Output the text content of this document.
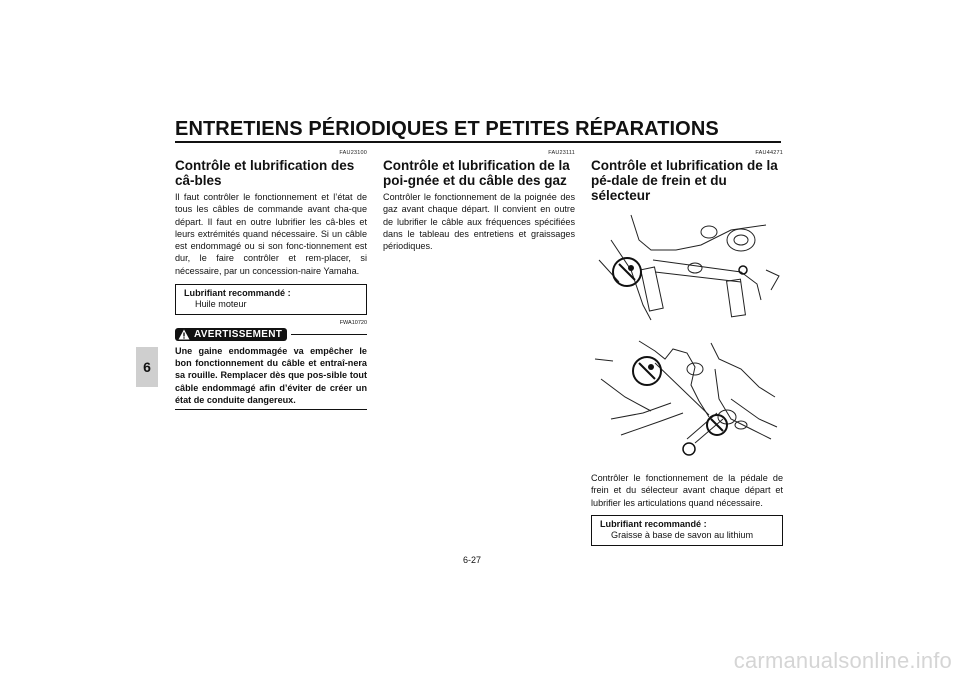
ENTRETIENS PÉRIODIQUES ET PETITES RÉPARATIONS
6
FAU23100
Contrôle et lubrification des câ-bles

Il faut contrôler le fonctionnement et l’état de tous les câbles de commande avant cha-que départ. Il faut en outre lubrifier les câ-bles et leurs extrémités quand nécessaire. Si un câble est endommagé ou si son fonc-tionnement est dur, le faire contrôler et rem-placer, si nécessaire, par un concession-naire Yamaha.

Lubrifiant recommandé :
Huile moteur
FWA10720
AVERTISSEMENT

Une gaine endommagée va empêcher le bon fonctionnement du câble et entraî-nera sa rouille. Remplacer dès que pos-sible tout câble endommagé afin d’éviter de créer un état de conduite dangereux.

FAU23111
Contrôle et lubrification de la poi-gnée et du câble des gaz

Contrôler le fonctionnement de la poignée des gaz avant chaque départ. Il convient en outre de lubrifier le câble aux fréquences spécifiées dans le tableau des entretiens et graissages périodiques.

FAU44271
Contrôle et lubrification de la pé-dale de frein et du sélecteur

Contrôler le fonctionnement de la pédale de frein et du sélecteur avant chaque départ et lubrifier les articulations quand nécessaire.

Lubrifiant recommandé :
Graisse à base de savon au lithium
6-27
carmanualsonline.info
